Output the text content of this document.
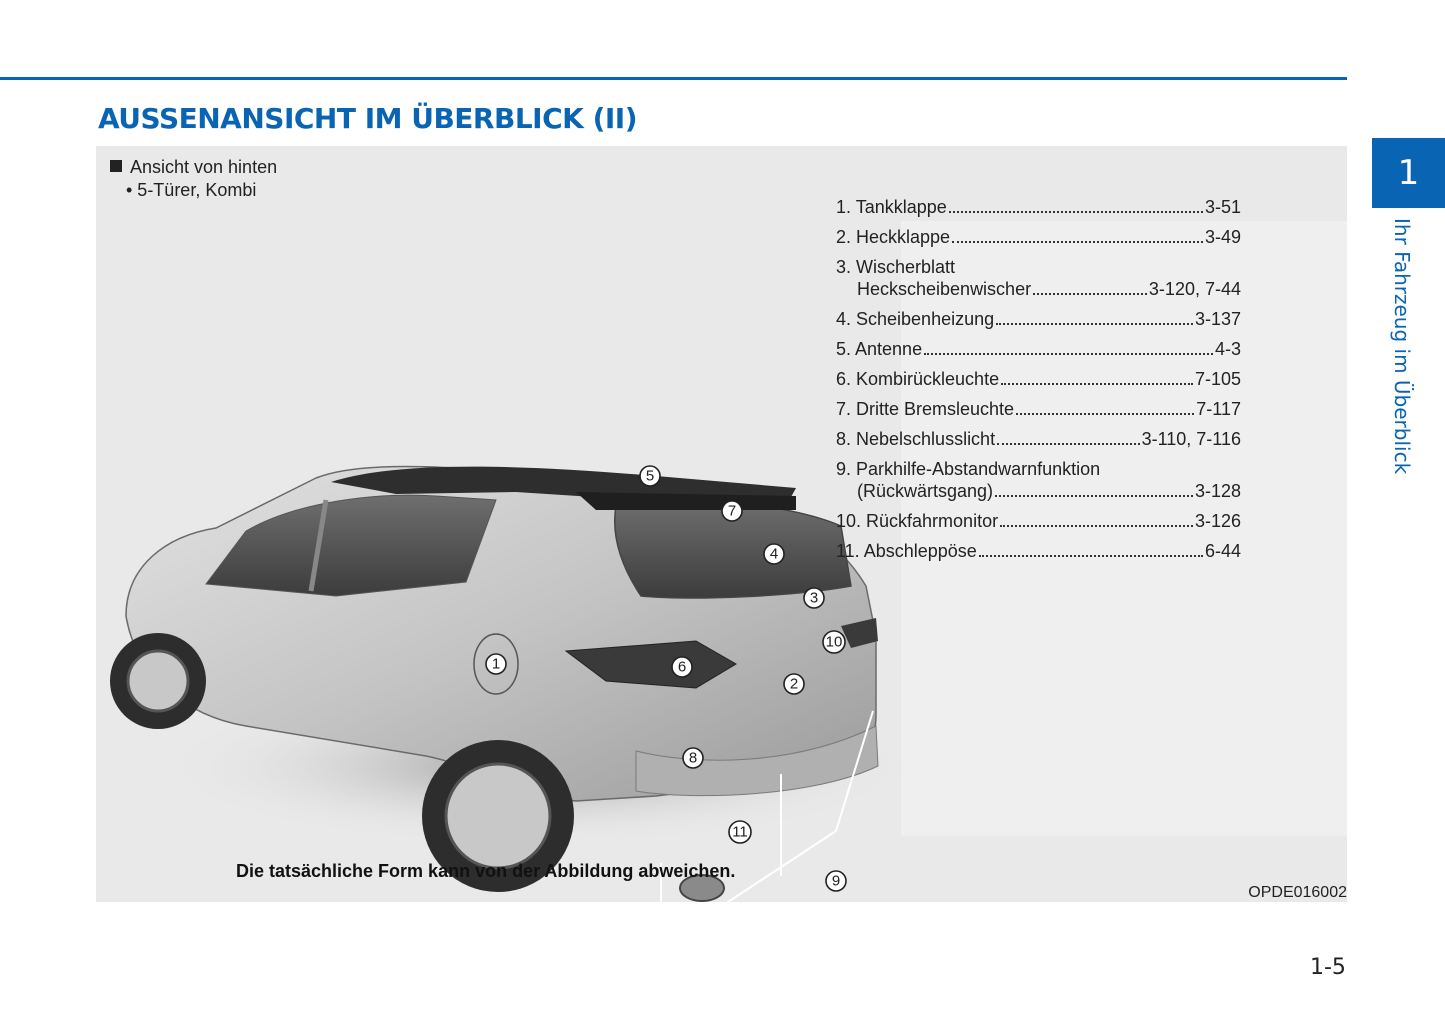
AUSSENANSICHT IM ÜBERBLICK (II)
1
Ihr Fahrzeug im Überblick
Ansicht von hinten
• 5-Türer, Kombi
1
2
3
4
5
6
7
8
9
10
11
Die tatsächliche Form kann von der Abbildung abweichen.
OPDE016002
1. Tankklappe	3-51
2. Heckklappe	3-49
3. Wischerblatt
Heckscheibenwischer	3-120, 7-44
4. Scheibenheizung	3-137
5. Antenne	4-3
6. Kombirückleuchte	7-105
7. Dritte Bremsleuchte	7-117
8. Nebelschlusslicht	3-110, 7-116
9. Parkhilfe-Abstandwarnfunktion
(Rückwärtsgang)	3-128
10. Rückfahrmonitor	3-126
11. Abschleppöse	6-44
1-5
